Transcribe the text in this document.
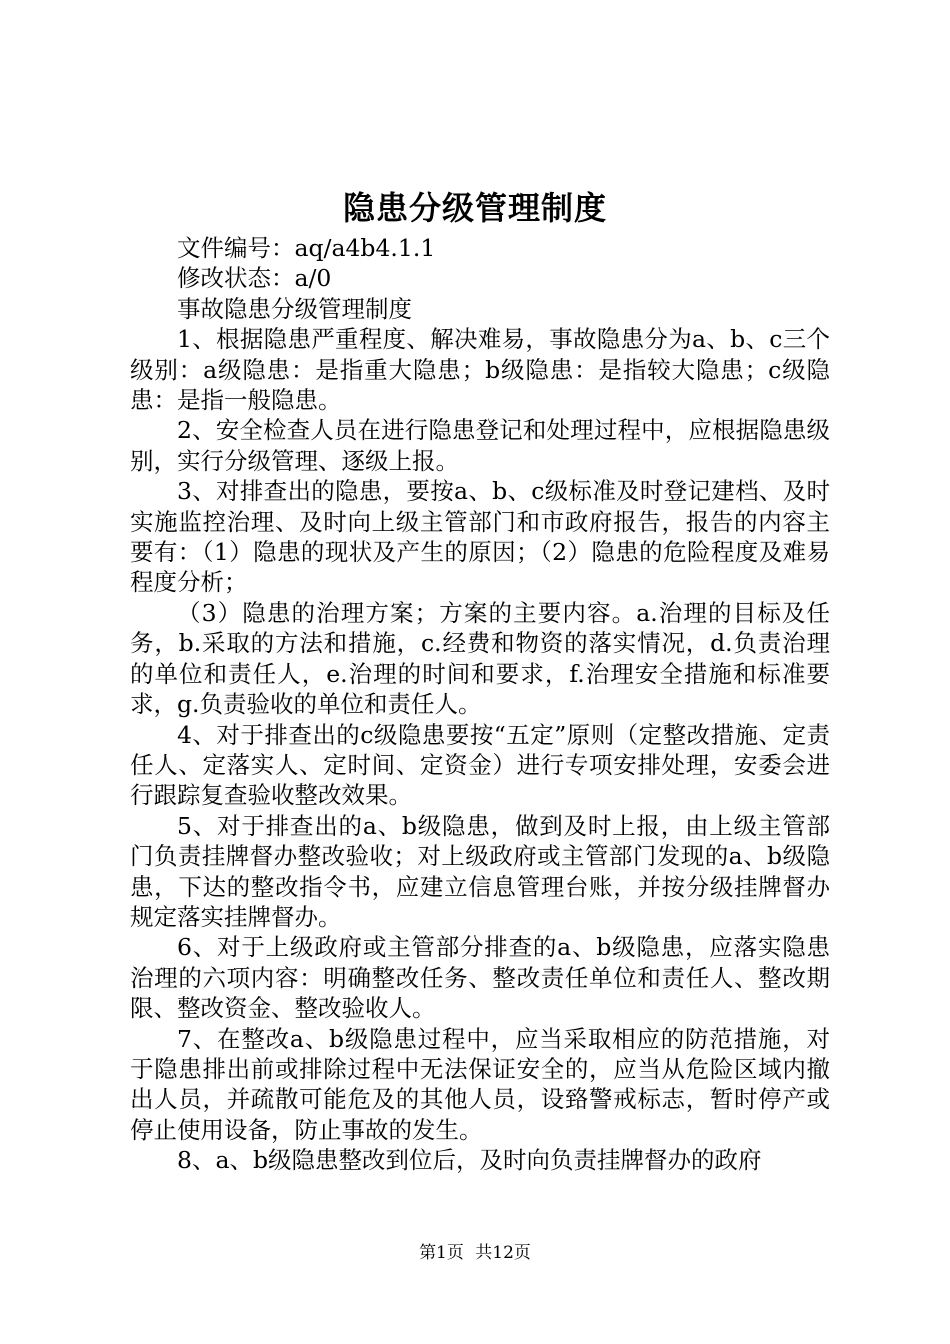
隐患分级管理制度

文件编号：aq/a4b4.1.1

修改状态：a/0

事故隐患分级管理制度

1、根据隐患严重程度、解决难易，事故隐患分为a、b、c三个级别：a级隐患：是指重大隐患；b级隐患：是指较大隐患；c级隐患：是指一般隐患。

2、安全检查人员在进行隐患登记和处理过程中，应根据隐患级别，实行分级管理、逐级上报。

3、对排查出的隐患，要按a、b、c级标准及时登记建档、及时实施监控治理、及时向上级主管部门和市政府报告，报告的内容主要有：（1）隐患的现状及产生的原因；（2）隐患的危险程度及难易程度分析；

（3）隐患的治理方案；方案的主要内容。a.治理的目标及任务，b.采取的方法和措施，c.经费和物资的落实情况，d.负责治理的单位和责任人，e.治理的时间和要求，f.治理安全措施和标准要求，g.负责验收的单位和责任人。

4、对于排查出的c级隐患要按“五定”原则（定整改措施、定责任人、定落实人、定时间、定资金）进行专项安排处理，安委会进行跟踪复查验收整改效果。

5、对于排查出的a、b级隐患，做到及时上报，由上级主管部门负责挂牌督办整改验收；对上级政府或主管部门发现的a、b级隐患，下达的整改指令书，应建立信息管理台账，并按分级挂牌督办规定落实挂牌督办。

6、对于上级政府或主管部分排查的a、b级隐患，应落实隐患治理的六项内容：明确整改任务、整改责任单位和责任人、整改期限、整改资金、整改验收人。

7、在整改a、b级隐患过程中，应当采取相应的防范措施，对于隐患排出前或排除过程中无法保证安全的，应当从危险区域内撤出人员，并疏散可能危及的其他人员，设臵警戒标志，暂时停产或停止使用设备，防止事故的发生。

8、a、b级隐患整改到位后，及时向负责挂牌督办的政府

第1页 共12页
